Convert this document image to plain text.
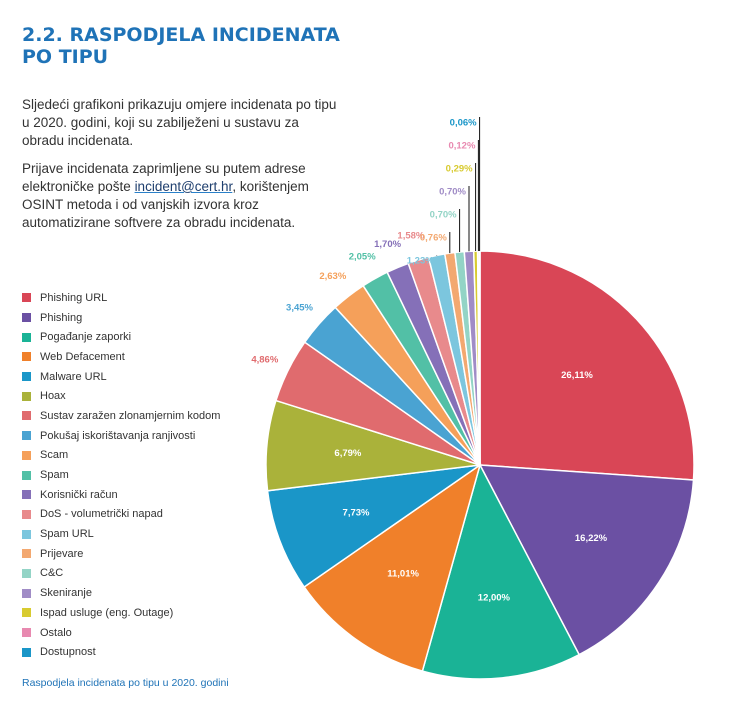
2.2. RASPODJELA INCIDENATA
PO TIPU

Sljedeći grafikoni prikazuju omjere incidenata po tipu u 2020. godini, koji su zabilježeni u sustavu za obradu incidenata.

Prijave incidenata zaprimljene su putem adrese elektroničke pošte incident@cert.hr, korištenjem OSINT metoda i od vanjskih izvora kroz automatizirane softvere za obradu incidenata.

Phishing URL
Phishing
Pogađanje zaporki
Web Defacement
Malware URL
Hoax
Sustav zaražen zlonamjernim kodom
Pokušaj iskorištavanja ranjivosti
Scam
Spam
Korisnički račun
DoS - volumetrički napad
Spam URL
Prijevare
C&C
Skeniranje
Ispad usluge (eng. Outage)
Ostalo
Dostupnost
26,11%
16,22%
12,00%
11,01%
7,73%
6,79%
4,86%
3,45%
2,63%
2,05%
1,70%
1,58%
1,23%
0,76%
0,70%
0,70%
0,29%
0,12%
0,06%
Raspodjela incidenata po tipu u 2020. godini
